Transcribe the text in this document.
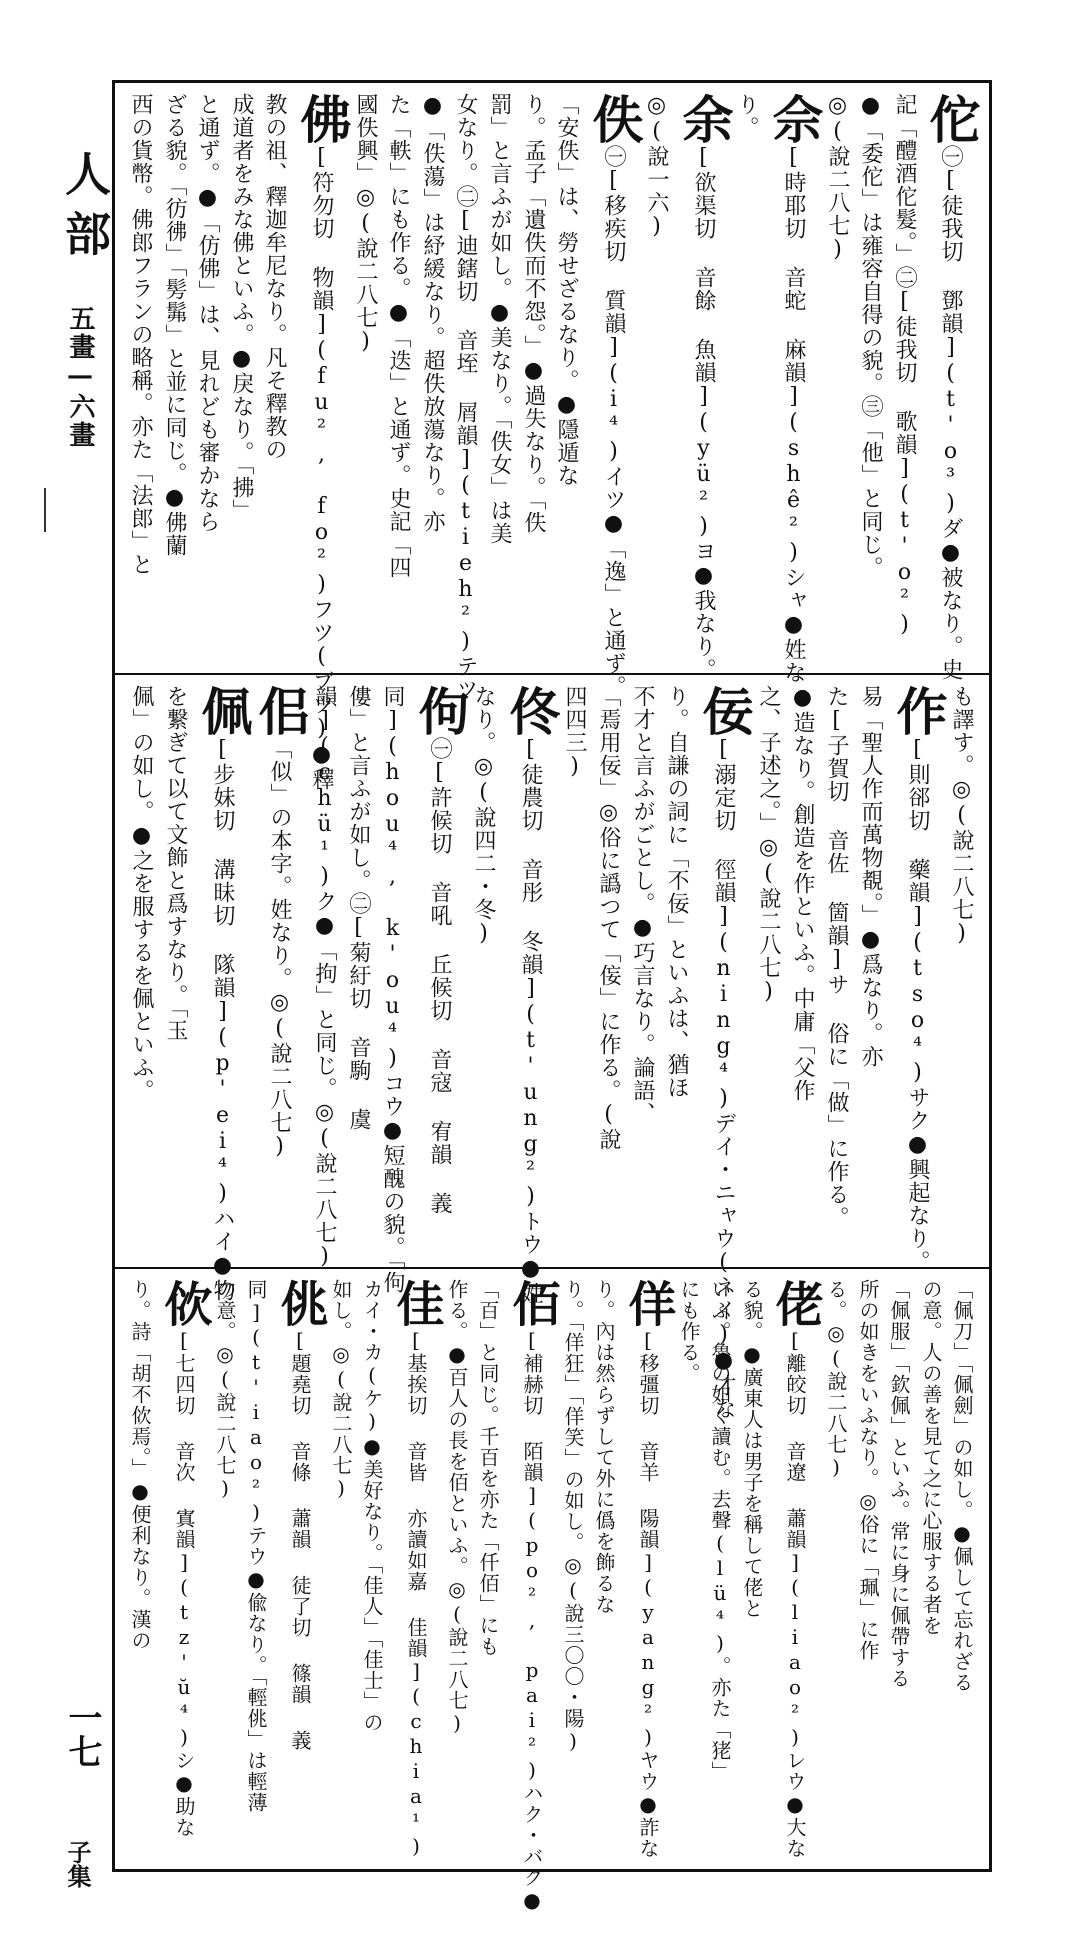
人部
五畫—六畫
一七
子集
佗㊀[徒我切 鄧韻]󠄀(t'o³)ダ●被なり。史
記「醴酒佗髮。」㊁[徒我切 歌韻](t'o²)
●「委佗」は雍容自得の貌。㊂「他」と同じ。
◎(說二八七)
佘[時耶切 音蛇 麻韻](shê²)シャ●姓な
り。
余[欲渠切 音餘 魚韻](yü²)ヨ●我なり。
◎(說一六)
佚㊀[移疾切 質韻](i⁴)イツ●「逸」と通ず。
「安佚」は、勞せざるなり。●隱遁な
り。孟子「遺佚而不怨。」●過失なり。「佚
罰」と言ふが如し。●美なり。「佚女」は美
女なり。㊁[迪鎋切 音垤 屑韻](tieh²)テツ
●「佚蕩」は紓緩なり。超佚放蕩なり。亦
た「軼」にも作る。●「迭」と通ず。史記「四
國佚興」◎(說二八七)
佛[符勿切 物韻](fu², fo²)フツ(ブツ)●釋
教の祖、釋迦牟尼なり。凡そ釋教の
成道者をみな佛といふ。●戾なり。「拂」
と通ず。●「仿佛」は、見れども審かなら
ざる貌。「彷彿」「髣髴」と並に同じ。●佛蘭
西の貨幣。佛郎フランの略稱。亦た「法郎」と
も譯す。◎(說二八七)
作[則郤切 藥韻](tso⁴)サク●興起なり。
易「聖人作而萬物覩。」●爲なり。亦
た[子賀切 音佐 箇韻]サ 俗に「做」に作る。
●造なり。創造を作といふ。中庸「父作
之、子述之。」◎(說二八七)
佞[溺定切 徑韻](ning⁴)デイ・ニャウ(ネイ)●才な
り。自謙の詞に「不佞」といふは、猶ほ
不才と言ふがごとし。●巧言なり。論語、
「焉用佞」◎俗に譌つて「侫」に作る。(說
四四三)
佟[徒農切 音彤 冬韻](t'ung²)トウ●姓
なり。◎(說四二・冬)
佝㊀[許候切 音吼 丘候切 音寇 宥韻 義
同](hou⁴, k'ou⁴)コウ●短醜の貌。「佝
僂」と言ふが如し。㊁[菊紆切 音駒 虞
韻](chü¹)ク●「拘」と同じ。◎(說二八七)
佀「似」の本字。姓なり。◎(說二八七)
佩[步妹切 溝昧切 隊韻](p'ei⁴)ハイ●物
を繋ぎて以て文飾と爲すなり。「玉
佩」の如し。●之を服するを佩といふ。
「佩刀」「佩劍」の如し。●佩して忘れざる
の意。人の善を見て之に心服する者を
「佩服」「欽佩」といふ。常に身に佩帶する
所の如きをいふなり。◎俗に「珮」に作
る。◎(說二八七)
佬[離皎切 音遼 蕭韻](liao²)レウ●大な
る貌。●廣東人は男子を稱して佬と
いふ。魯の如く讀む。去聲(lü⁴)。亦た「狫」
にも作る。
佯[移彊切 音羊 陽韻](yang²)ヤウ●詐な
り。內は然らずして外に僞を飾るな
り。「佯狂」「佯笑」の如し。◎(說三〇〇・陽)
佰[補赫切 陌韻](po², pai²)ハク・バク●
「百」と同じ。千百を亦た「仟佰」にも
作る。●百人の長を佰といふ。◎(說二八七)
佳[基挨切 音皆 亦讀如嘉 佳韻](chia¹)
カイ・カ(ケ)●美好なり。「佳人」「佳士」の
如し。◎(說二八七)
佻[題堯切 音條 蕭韻 徒了切 篠韻 義
同](t'iao²)テウ●偸なり。「輕佻」は輕薄
の意。◎(說二八七)
佽[七四切 音次 寘韻](tz'ŭ⁴)シ●助な
り。詩「胡不佽焉。」●便利なり。漢の
